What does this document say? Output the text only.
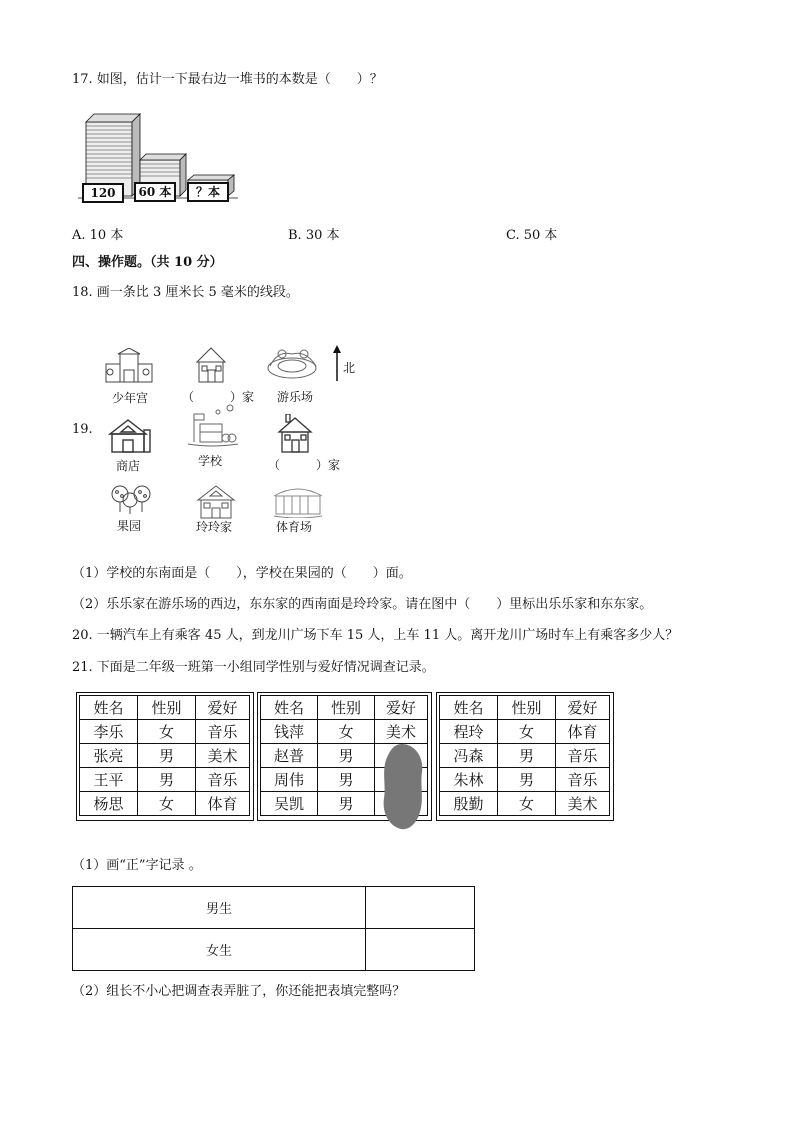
17. 如图，估计一下最右边一堆书的本数是（　　）？
120	60 本	？本
A. 10 本	B. 30 本	C. 50 本
四、操作题。（共 10 分）
18. 画一条比 3 厘米长 5 毫米的线段。
19.
北
少年宫	（　　　）家 游乐场
商店	学校	（　　　）家
果园	玲玲家	体育场
（1）学校的东南面是（　　），学校在果园的（　　）面。
（2）乐乐家在游乐场的西边，东东家的西南面是玲玲家。请在图中（　　）里标出乐乐家和东东家。
20. 一辆汽车上有乘客 45 人，到龙川广场下车 15 人，上车 11 人。离开龙川广场时车上有乘客多少人？
21. 下面是二年级一班第一小组同学性别与爱好情况调查记录。
姓名	性别	爱好
李乐	女	音乐
张亮	男	美术
王平	男	音乐
杨思	女	体育
姓名	性别	爱好
钱萍	女	美术
赵普	男	
周伟	男	
吴凯	男	
姓名	性别	爱好
程玲	女	体育
冯森	男	音乐
朱林	男	音乐
殷勤	女	美术
（1）画“正”字记录 。
男生	
女生	
（2）组长不小心把调查表弄脏了，你还能把表填完整吗？
